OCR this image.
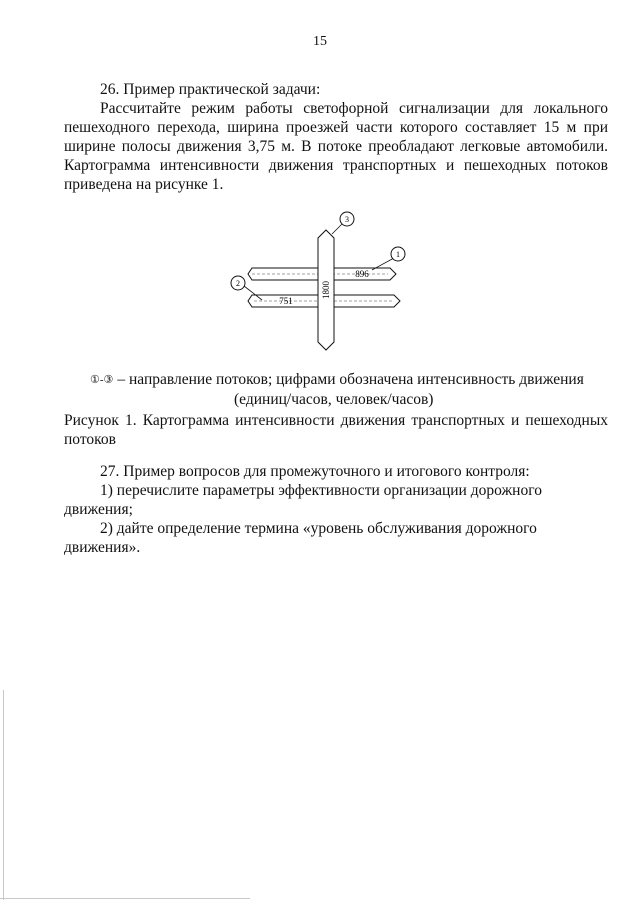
15
26. Пример практической задачи:
Рассчитайте режим работы светофорной сигнализации для локального пешеходного перехода, ширина проезжей части которого составляет 15 м при ширине полосы движения 3,75 м. В потоке преобладают легковые автомобили. Картограмма интенсивности движения транспортных и пешеходных потоков приведена на рисунке 1.
3
1
2
896
751
1800
①-③ – направление потоков; цифрами обозначена интенсивность движения
(единиц/часов, человек/часов)
Рисунок 1. Картограмма интенсивности движения транспортных и пешеходных потоков
27. Пример вопросов для промежуточного и итогового контроля:
1) перечислите параметры эффективности организации дорожного движения;
2) дайте определение термина «уровень обслуживания дорожного движения».
